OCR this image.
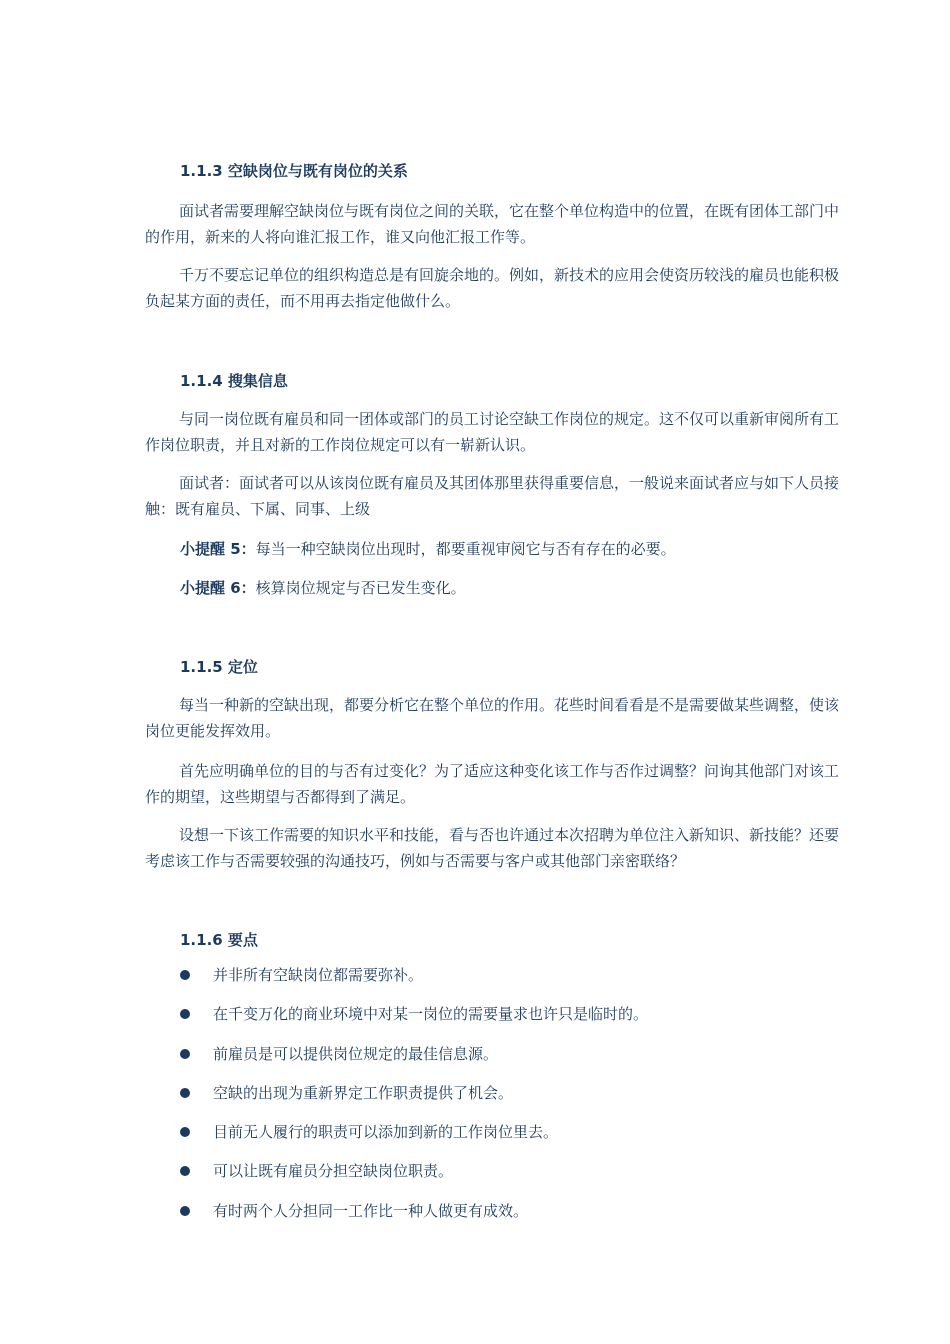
1.1.3 空缺岗位与既有岗位的关系

面试者需要理解空缺岗位与既有岗位之间的关联，它在整个单位构造中的位置，在既有团体工部门中的作用，新来的人将向谁汇报工作，谁又向他汇报工作等。

千万不要忘记单位的组织构造总是有回旋余地的。例如，新技术的应用会使资历较浅的雇员也能积极负起某方面的责任，而不用再去指定他做什么。

1.1.4 搜集信息

与同一岗位既有雇员和同一团体或部门的员工讨论空缺工作岗位的规定。这不仅可以重新审阅所有工作岗位职责，并且对新的工作岗位规定可以有一崭新认识。

面试者：面试者可以从该岗位既有雇员及其团体那里获得重要信息，一般说来面试者应与如下人员接触：既有雇员、下属、同事、上级

小提醒 5：每当一种空缺岗位出现时，都要重视审阅它与否有存在的必要。
小提醒 6：核算岗位规定与否已发生变化。
1.1.5 定位

每当一种新的空缺出现，都要分析它在整个单位的作用。花些时间看看是不是需要做某些调整，使该岗位更能发挥效用。

首先应明确单位的目的与否有过变化？为了适应这种变化该工作与否作过调整？问询其他部门对该工作的期望，这些期望与否都得到了满足。

设想一下该工作需要的知识水平和技能，看与否也许通过本次招聘为单位注入新知识、新技能？还要考虑该工作与否需要较强的沟通技巧，例如与否需要与客户或其他部门亲密联络？

1.1.6 要点
并非所有空缺岗位都需要弥补。
在千变万化的商业环境中对某一岗位的需要量求也许只是临时的。
前雇员是可以提供岗位规定的最佳信息源。
空缺的出现为重新界定工作职责提供了机会。
目前无人履行的职责可以添加到新的工作岗位里去。
可以让既有雇员分担空缺岗位职责。
有时两个人分担同一工作比一种人做更有成效。
